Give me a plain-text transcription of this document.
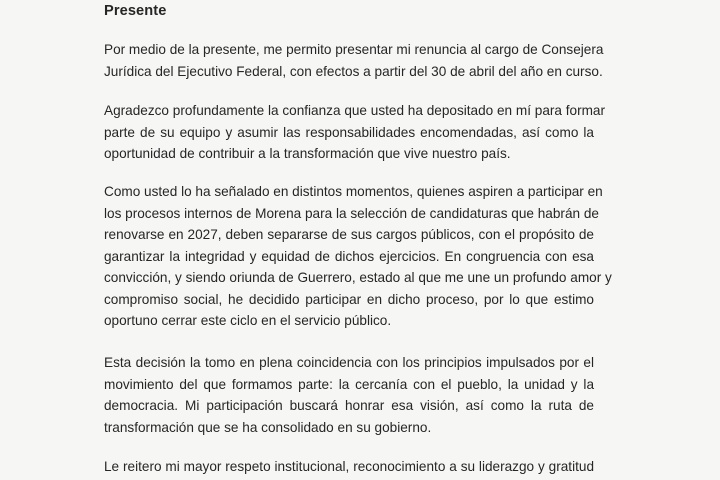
Presente

Por medio de la presente, me permito presentar mi renuncia al cargo de Consejera
Jurídica del Ejecutivo Federal, con efectos a partir del 30 de abril del año en curso.

Agradezco profundamente la confianza que usted ha depositado en mí para formar
parte de su equipo y asumir las responsabilidades encomendadas, así como la
oportunidad de contribuir a la transformación que vive nuestro país.

Como usted lo ha señalado en distintos momentos, quienes aspiren a participar en
los procesos internos de Morena para la selección de candidaturas que habrán de
renovarse en 2027, deben separarse de sus cargos públicos, con el propósito de
garantizar la integridad y equidad de dichos ejercicios. En congruencia con esa
convicción, y siendo oriunda de Guerrero, estado al que me une un profundo amor y
compromiso social, he decidido participar en dicho proceso, por lo que estimo
oportuno cerrar este ciclo en el servicio público.

Esta decisión la tomo en plena coincidencia con los principios impulsados por el
movimiento del que formamos parte: la cercanía con el pueblo, la unidad y la
democracia. Mi participación buscará honrar esa visión, así como la ruta de
transformación que se ha consolidado en su gobierno.

Le reitero mi mayor respeto institucional, reconocimiento a su liderazgo y gratitud
